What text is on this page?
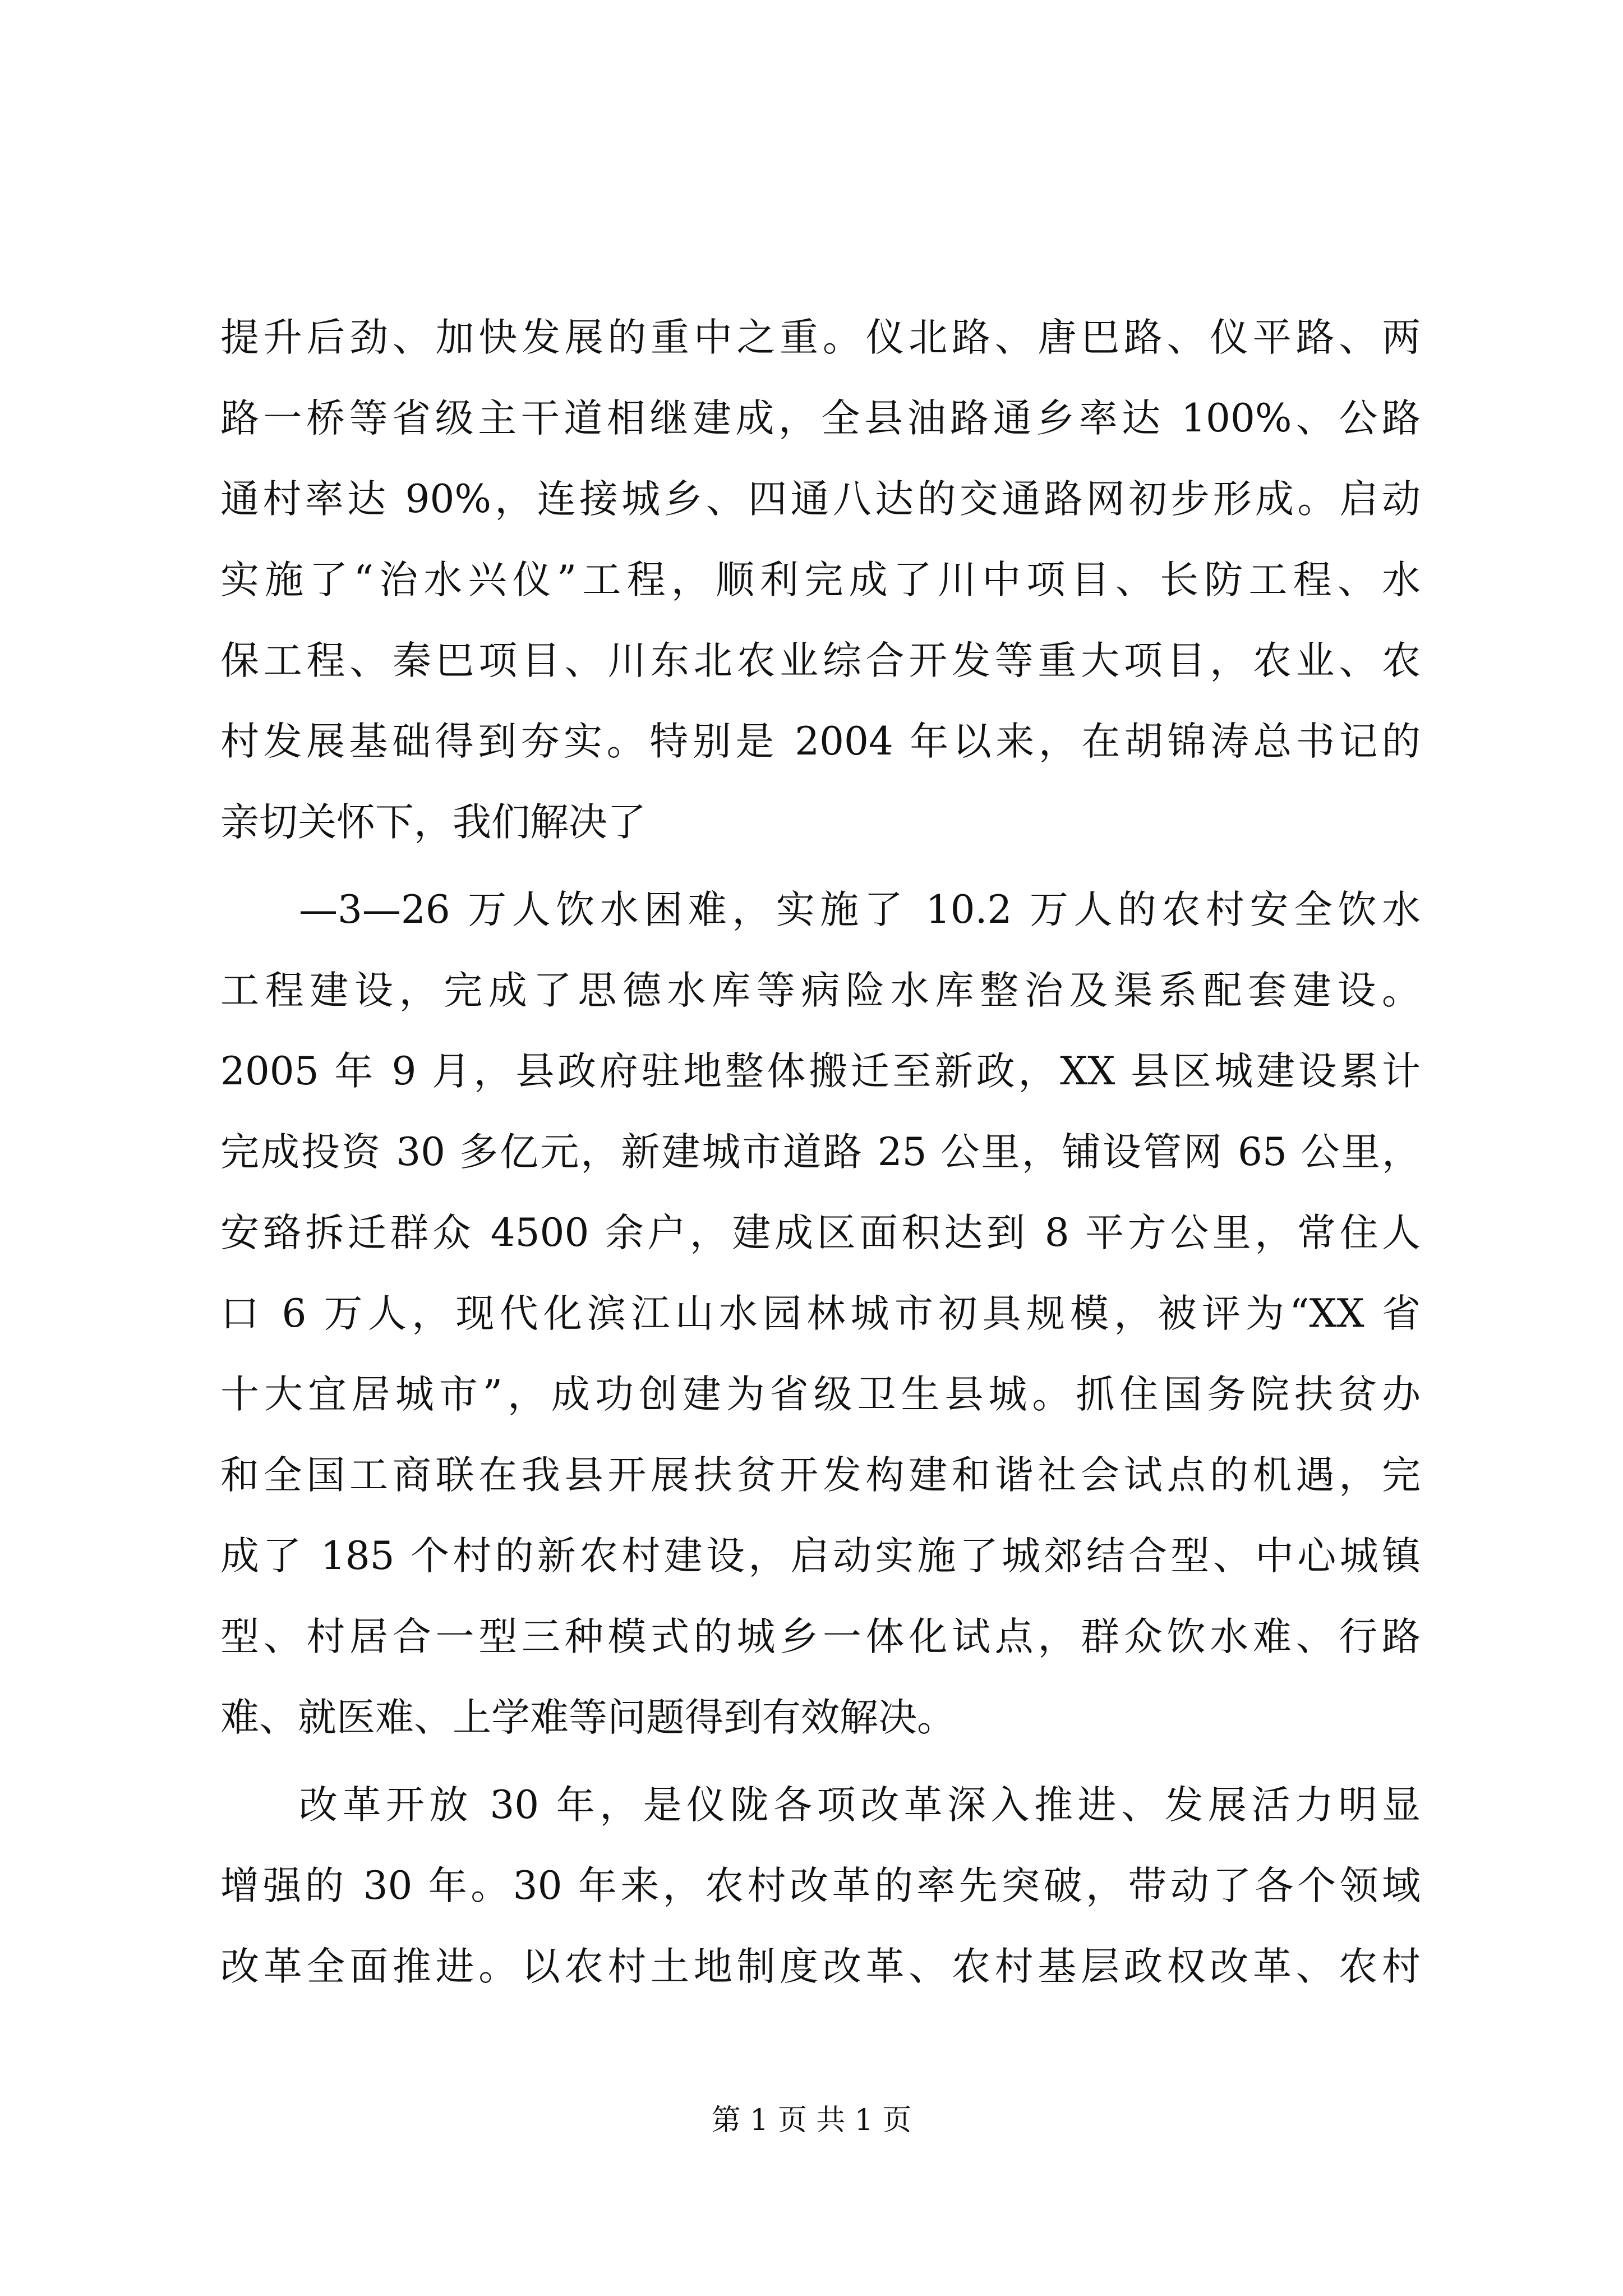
提升后劲、加快发展的重中之重。仪北路、唐巴路、仪平路、两
路一桥等省级主干道相继建成，全县油路通乡率达 100%、公路
通村率达 90%，连接城乡、四通八达的交通路网初步形成。启动
实施了“治水兴仪”工程，顺利完成了川中项目、长防工程、水
保工程、秦巴项目、川东北农业综合开发等重大项目，农业、农
村发展基础得到夯实。特别是 2004 年以来，在胡锦涛总书记的
亲切关怀下，我们解决了
—3—26 万人饮水困难，实施了 10.2 万人的农村安全饮水
工程建设，完成了思德水库等病险水库整治及渠系配套建设。
2005 年 9 月，县政府驻地整体搬迁至新政，XX 县区城建设累计
完成投资 30 多亿元，新建城市道路 25 公里，铺设管网 65 公里，
安臵拆迁群众 4500 余户，建成区面积达到 8 平方公里，常住人
口 6 万人，现代化滨江山水园林城市初具规模，被评为“XX 省
十大宜居城市”，成功创建为省级卫生县城。抓住国务院扶贫办
和全国工商联在我县开展扶贫开发构建和谐社会试点的机遇，完
成了 185 个村的新农村建设，启动实施了城郊结合型、中心城镇
型、村居合一型三种模式的城乡一体化试点，群众饮水难、行路
难、就医难、上学难等问题得到有效解决。
改革开放 30 年，是仪陇各项改革深入推进、发展活力明显
增强的 30 年。30 年来，农村改革的率先突破，带动了各个领域
改革全面推进。以农村土地制度改革、农村基层政权改革、农村
第 1 页 共 1 页
